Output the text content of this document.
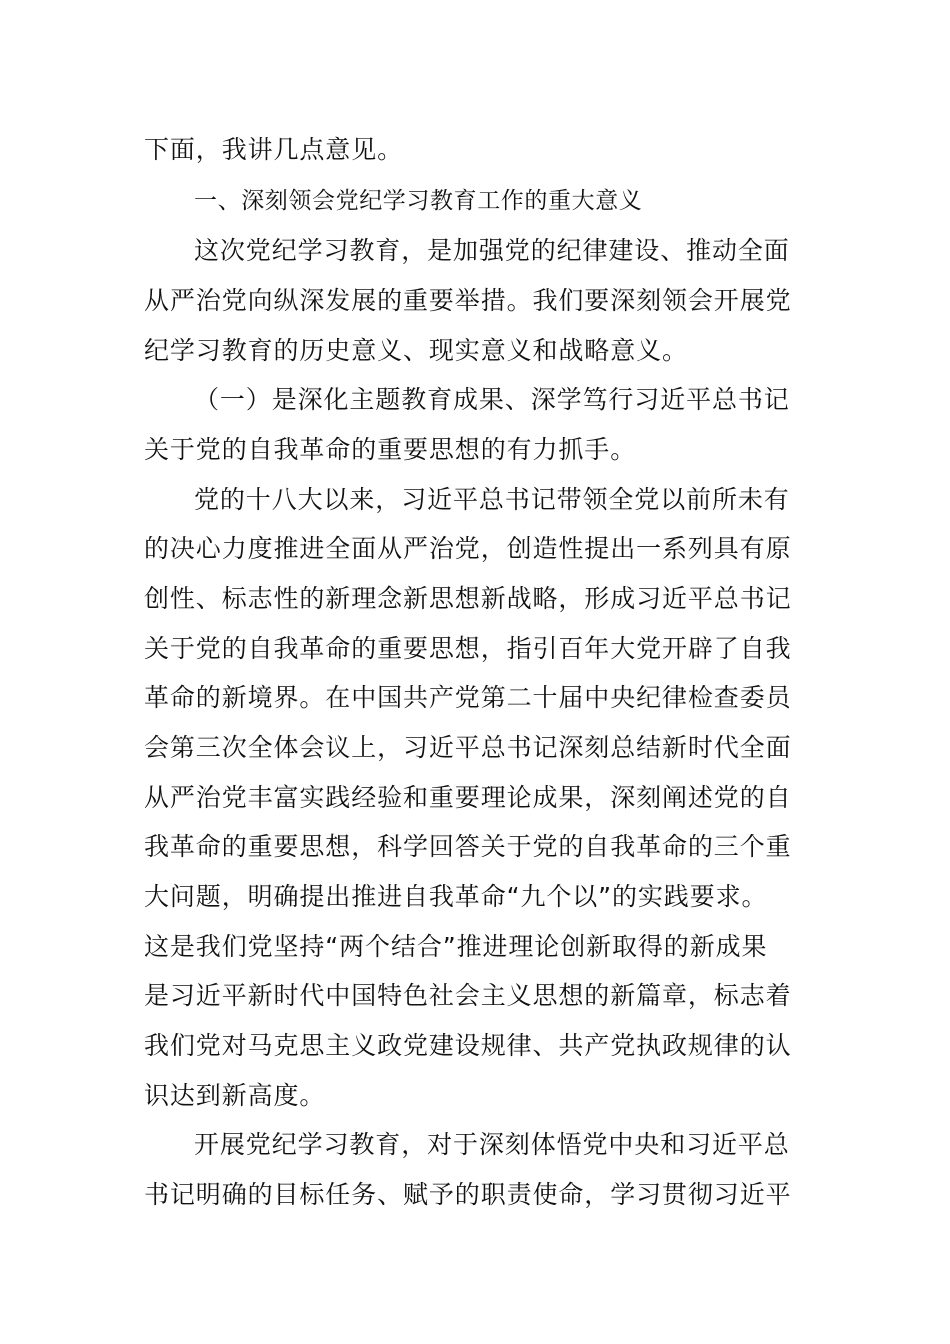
下面，我讲几点意见。

一、深刻领会党纪学习教育工作的重大意义

这次党纪学习教育，是加强党的纪律建设、推动全面

从严治党向纵深发展的重要举措。我们要深刻领会开展党

纪学习教育的历史意义、现实意义和战略意义。

（一）是深化主题教育成果、深学笃行习近平总书记

关于党的自我革命的重要思想的有力抓手。

党的十八大以来，习近平总书记带领全党以前所未有

的决心力度推进全面从严治党，创造性提出一系列具有原

创性、标志性的新理念新思想新战略，形成习近平总书记

关于党的自我革命的重要思想，指引百年大党开辟了自我

革命的新境界。在中国共产党第二十届中央纪律检查委员

会第三次全体会议上，习近平总书记深刻总结新时代全面

从严治党丰富实践经验和重要理论成果，深刻阐述党的自

我革命的重要思想，科学回答关于党的自我革命的三个重

大问题，明确提出推进自我革命“九个以”的实践要求。

这是我们党坚持“两个结合”推进理论创新取得的新成果

是习近平新时代中国特色社会主义思想的新篇章，标志着

我们党对马克思主义政党建设规律、共产党执政规律的认

识达到新高度。

开展党纪学习教育，对于深刻体悟党中央和习近平总

书记明确的目标任务、赋予的职责使命，学习贯彻习近平
